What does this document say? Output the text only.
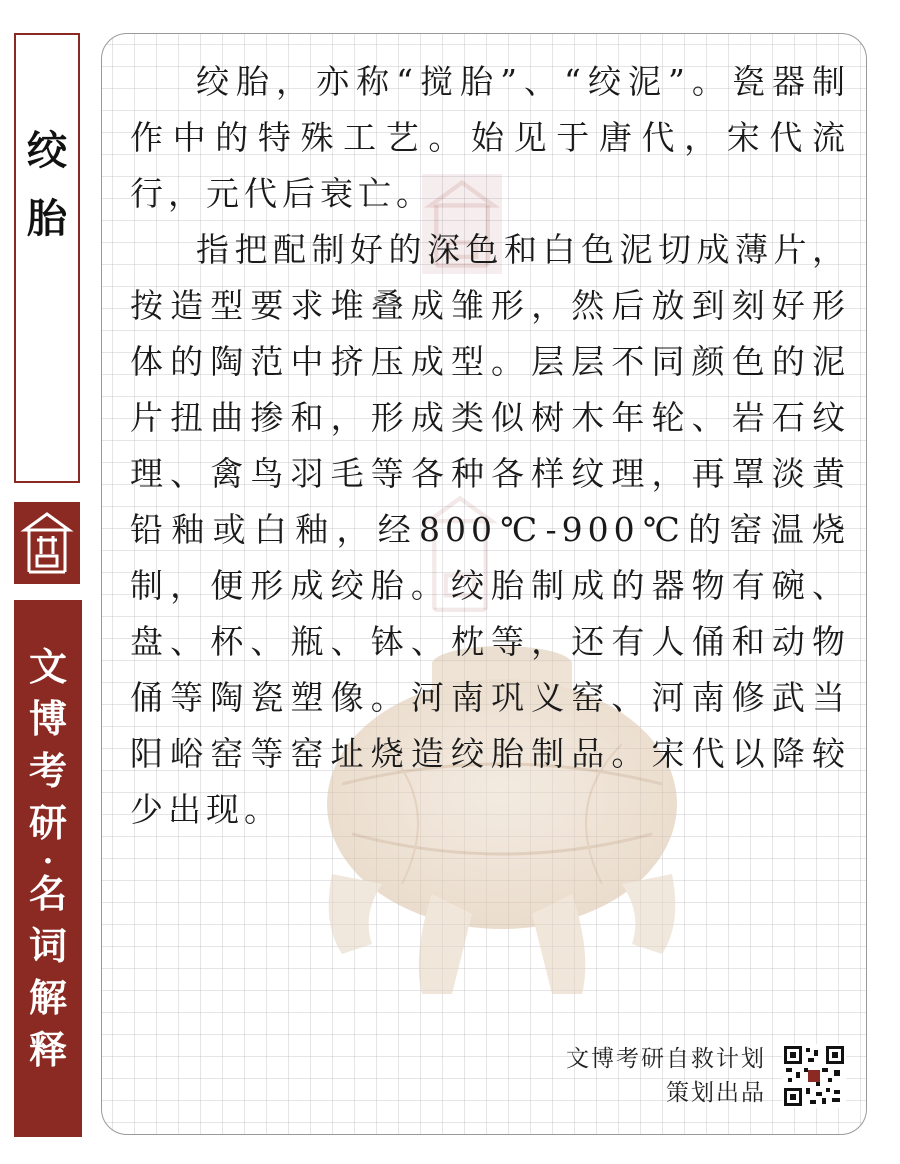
绞
胎
文
博
考
研
·
名
词
解
释

绞胎，亦称“搅胎”、“绞泥”。瓷器制作中的特殊工艺。始见于唐代，宋代流行，元代后衰亡。

指把配制好的深色和白色泥切成薄片，按造型要求堆叠成雏形，然后放到刻好形体的陶范中挤压成型。层层不同颜色的泥片扭曲掺和，形成类似树木年轮、岩石纹理、禽鸟羽毛等各种各样纹理，再罩淡黄铅釉或白釉，经800℃-900℃的窑温烧制，便形成绞胎。绞胎制成的器物有碗、盘、杯、瓶、钵、枕等，还有人俑和动物俑等陶瓷塑像。河南巩义窑、河南修武当阳峪窑等窑址烧造绞胎制品。宋代以降较少出现。

文博考研自救计划
策划出品
